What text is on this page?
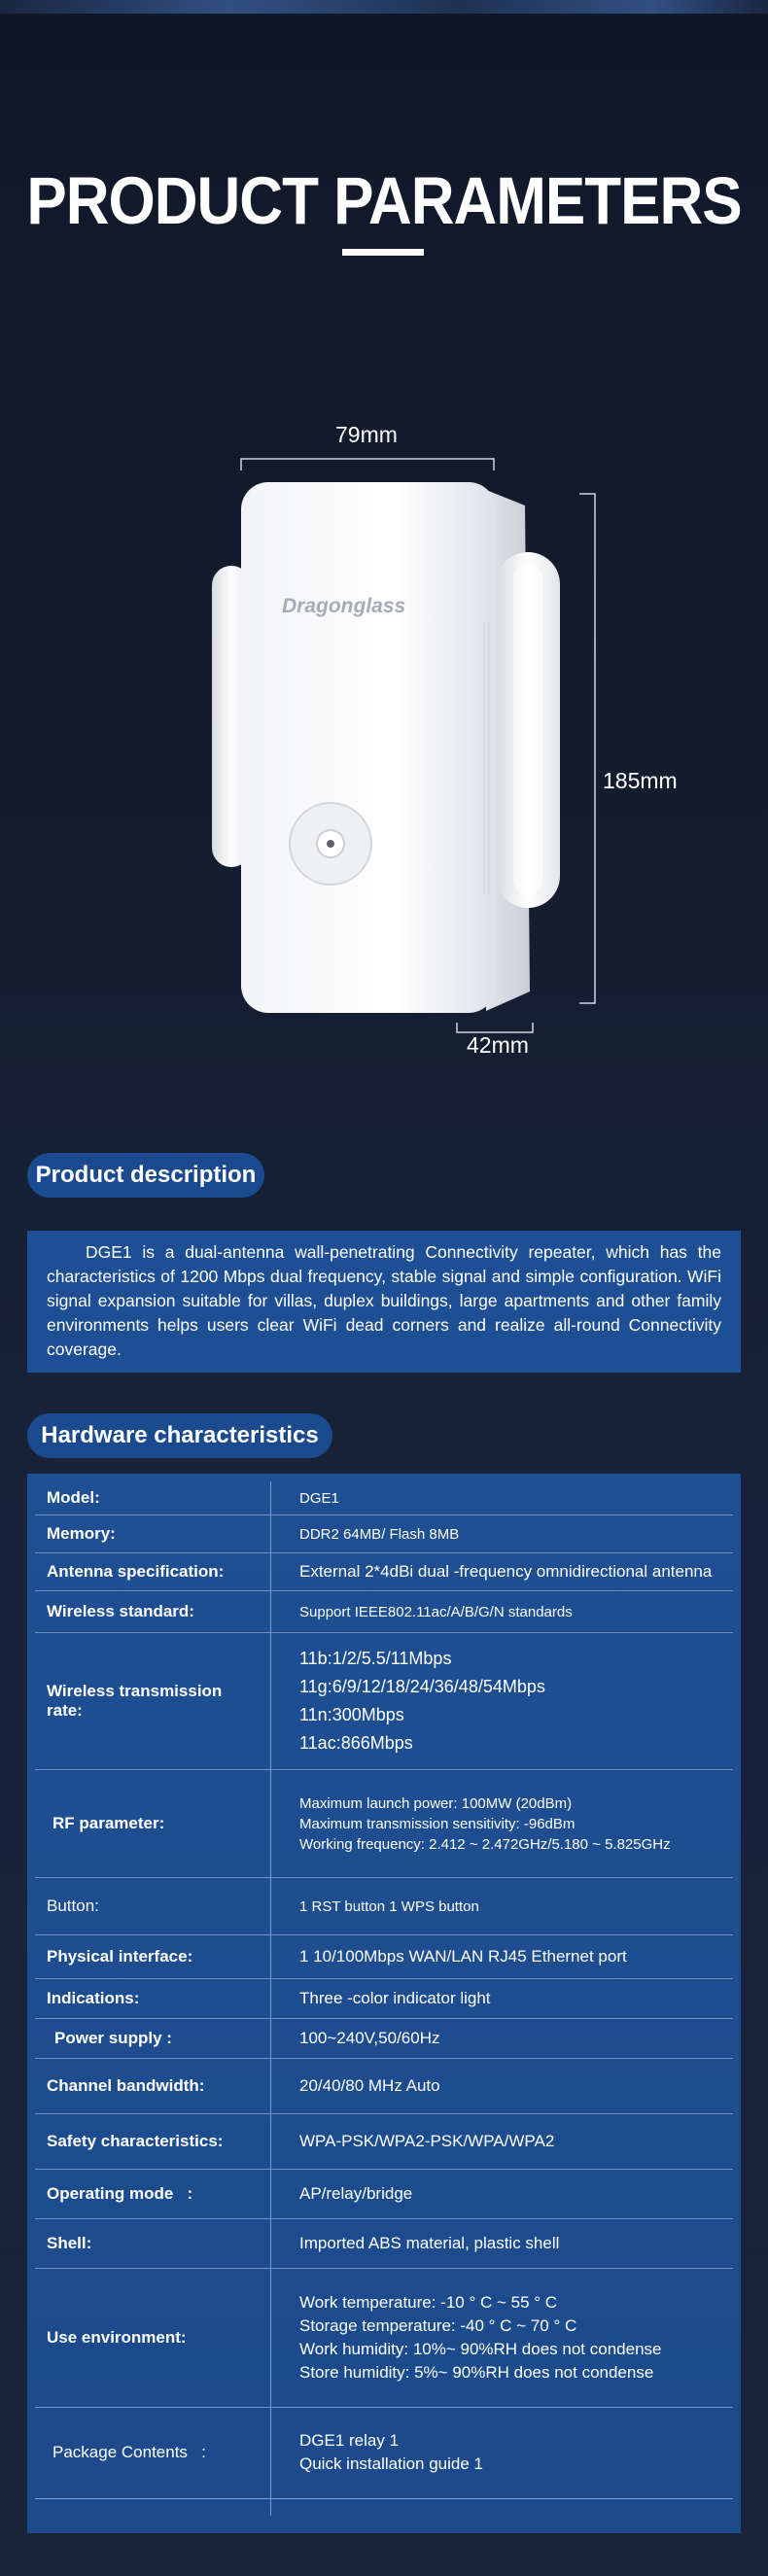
PRODUCT PARAMETERS
Dragonglass
79mm
185mm
42mm
Product description

DGE1 is a dual-antenna wall-penetrating Connectivity repeater, which has the characteristics of 1200 Mbps dual frequency, stable signal and simple configuration. WiFi signal expansion suitable for villas, duplex buildings, large apartments and other family environments helps users clear WiFi dead corners and realize all-round Connectivity coverage.

Hardware characteristics
Model:	DGE1
Memory:	DDR2 64MB/ Flash 8MB
Antenna specification:	External 2*4dBi dual -frequency omnidirectional antenna
Wireless standard:	Support IEEE802.11ac/A/B/G/N standards
Wireless transmission rate:
11b:1/2/5.5/11Mbps
11g:6/9/12/18/24/36/48/54Mbps
11n:300Mbps
11ac:866Mbps
RF parameter:
Maximum launch power: 100MW (20dBm)
Maximum transmission sensitivity: -96dBm
Working frequency: 2.412 ~ 2.472GHz/5.180 ~ 5.825GHz
Button:	1 RST button 1 WPS button
Physical interface:	1 10/100Mbps WAN/LAN RJ45 Ethernet port
Indications:	Three -color indicator light
Power supply :	100~240V,50/60Hz
Channel bandwidth:	20/40/80 MHz Auto
Safety characteristics:	WPA-PSK/WPA2-PSK/WPA/WPA2
Operating mode   :	AP/relay/bridge
Shell:	Imported ABS material, plastic shell
Use environment:
Work temperature: -10 ° C ~ 55 ° C
Storage temperature: -40 ° C ~ 70 ° C
Work humidity: 10%~ 90%RH does not condense
Store humidity: 5%~ 90%RH does not condense
Package Contents   :
DGE1 relay 1
Quick installation guide 1
